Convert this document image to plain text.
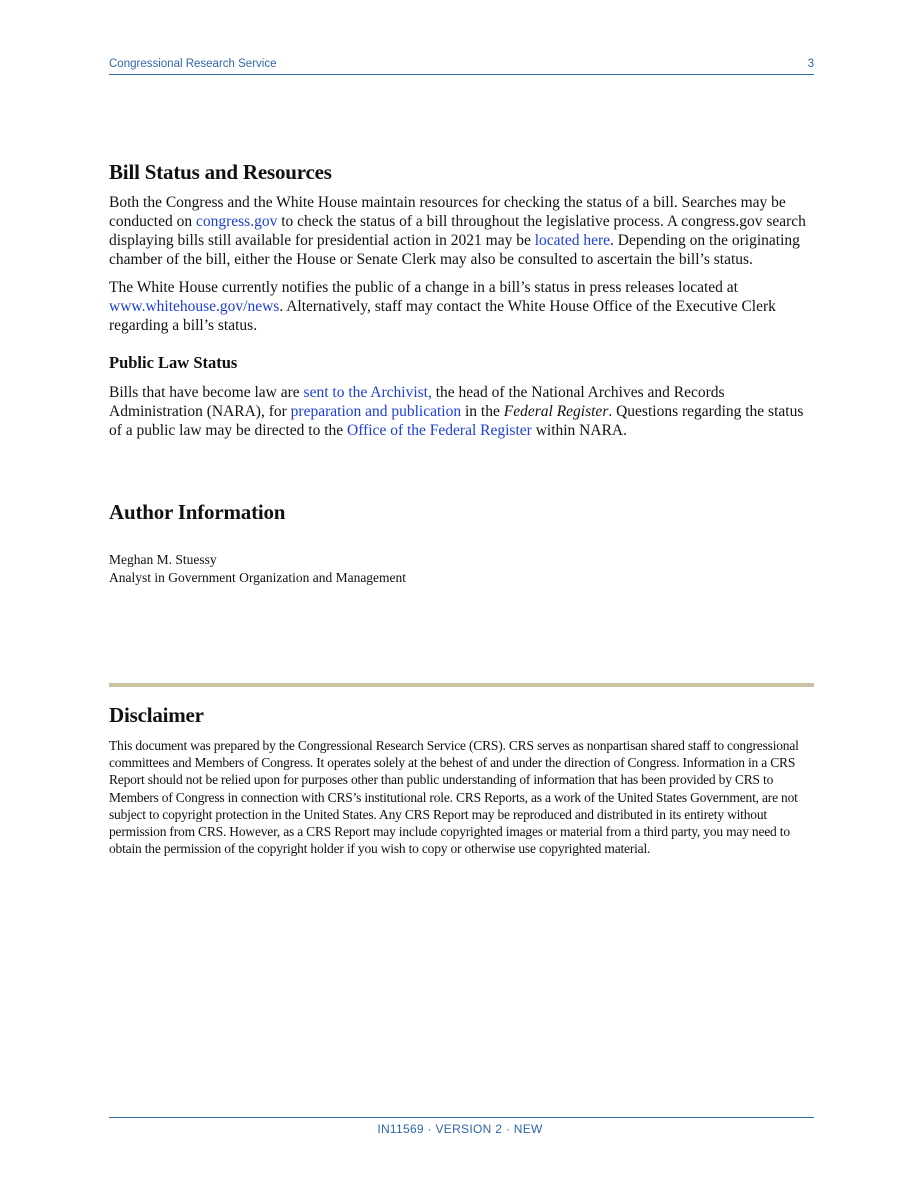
Congressional Research Service	3
Bill Status and Resources

Both the Congress and the White House maintain resources for checking the status of a bill. Searches may be conducted on congress.gov to check the status of a bill throughout the legislative process. A congress.gov search displaying bills still available for presidential action in 2021 may be located here. Depending on the originating chamber of the bill, either the House or Senate Clerk may also be consulted to ascertain the bill’s status.

The White House currently notifies the public of a change in a bill’s status in press releases located at www.whitehouse.gov/news. Alternatively, staff may contact the White House Office of the Executive Clerk regarding a bill’s status.

Public Law Status

Bills that have become law are sent to the Archivist, the head of the National Archives and Records Administration (NARA), for preparation and publication in the Federal Register. Questions regarding the status of a public law may be directed to the Office of the Federal Register within NARA.

Author Information

Meghan M. Stuessy
Analyst in Government Organization and Management

Disclaimer

This document was prepared by the Congressional Research Service (CRS). CRS serves as nonpartisan shared staff to congressional committees and Members of Congress. It operates solely at the behest of and under the direction of Congress. Information in a CRS Report should not be relied upon for purposes other than public understanding of information that has been provided by CRS to Members of Congress in connection with CRS’s institutional role. CRS Reports, as a work of the United States Government, are not subject to copyright protection in the United States. Any CRS Report may be reproduced and distributed in its entirety without permission from CRS. However, as a CRS Report may include copyrighted images or material from a third party, you may need to obtain the permission of the copyright holder if you wish to copy or otherwise use copyrighted material.

IN11569 · VERSION 2 · NEW
